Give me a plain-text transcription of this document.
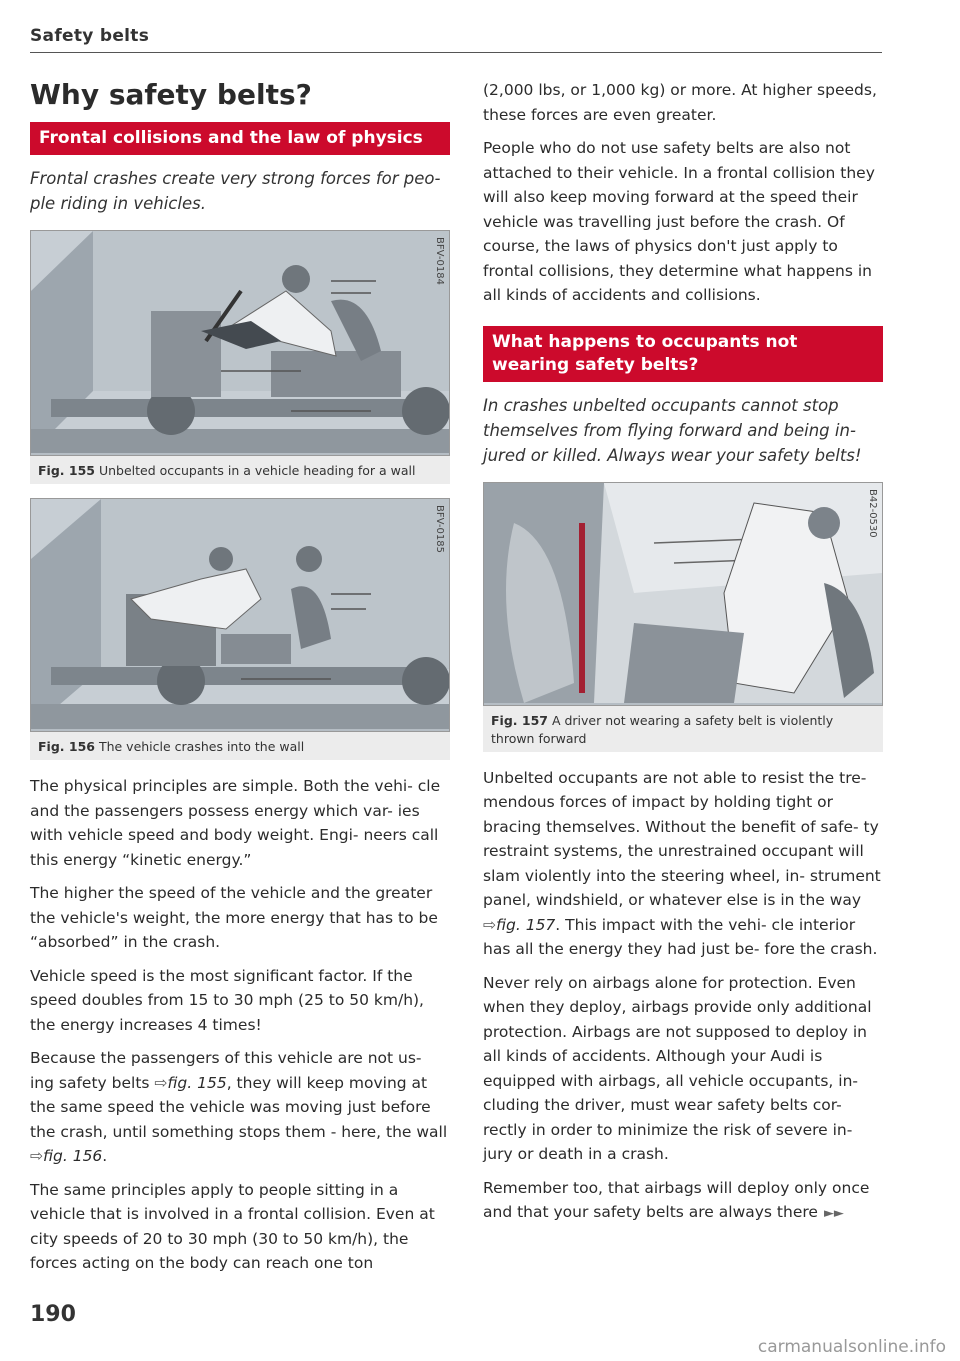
Safety belts
Why safety belts?
Frontal collisions and the law of physics
Frontal crashes create very strong forces for peo- ple riding in vehicles.
BFV-0184
Fig. 155 Unbelted occupants in a vehicle heading for a wall
BFV-0185
Fig. 156 The vehicle crashes into the wall

The physical principles are simple. Both the vehi- cle and the passengers possess energy which var- ies with vehicle speed and body weight. Engi- neers call this energy “kinetic energy.”

The higher the speed of the vehicle and the greater the vehicle's weight, the more energy that has to be “absorbed” in the crash.

Vehicle speed is the most significant factor. If the speed doubles from 15 to 30 mph (25 to 50 km/h), the energy increases 4 times!

Because the passengers of this vehicle are not us- ing safety belts ⇨fig. 155, they will keep moving at the same speed the vehicle was moving just before the crash, until something stops them - here, the wall ⇨fig. 156.

The same principles apply to people sitting in a vehicle that is involved in a frontal collision. Even at city speeds of 20 to 30 mph (30 to 50 km/h), the forces acting on the body can reach one ton

(2,000 lbs, or 1,000 kg) or more. At higher speeds, these forces are even greater.

People who do not use safety belts are also not attached to their vehicle. In a frontal collision they will also keep moving forward at the speed their vehicle was travelling just before the crash. Of course, the laws of physics don't just apply to frontal collisions, they determine what happens in all kinds of accidents and collisions.

What happens to occupants not wearing safety belts?
In crashes unbelted occupants cannot stop themselves from flying forward and being in- jured or killed. Always wear your safety belts!
B42-0530
Fig. 157 A driver not wearing a safety belt is violently thrown forward

Unbelted occupants are not able to resist the tre- mendous forces of impact by holding tight or bracing themselves. Without the benefit of safe- ty restraint systems, the unrestrained occupant will slam violently into the steering wheel, in- strument panel, windshield, or whatever else is in the way ⇨fig. 157. This impact with the vehi- cle interior has all the energy they had just be- fore the crash.

Never rely on airbags alone for protection. Even when they deploy, airbags provide only additional protection. Airbags are not supposed to deploy in all kinds of accidents. Although your Audi is equipped with airbags, all vehicle occupants, in- cluding the driver, must wear safety belts cor- rectly in order to minimize the risk of severe in- jury or death in a crash.

Remember too, that airbags will deploy only once and that your safety belts are always there ►►

190
carmanualsonline.info
